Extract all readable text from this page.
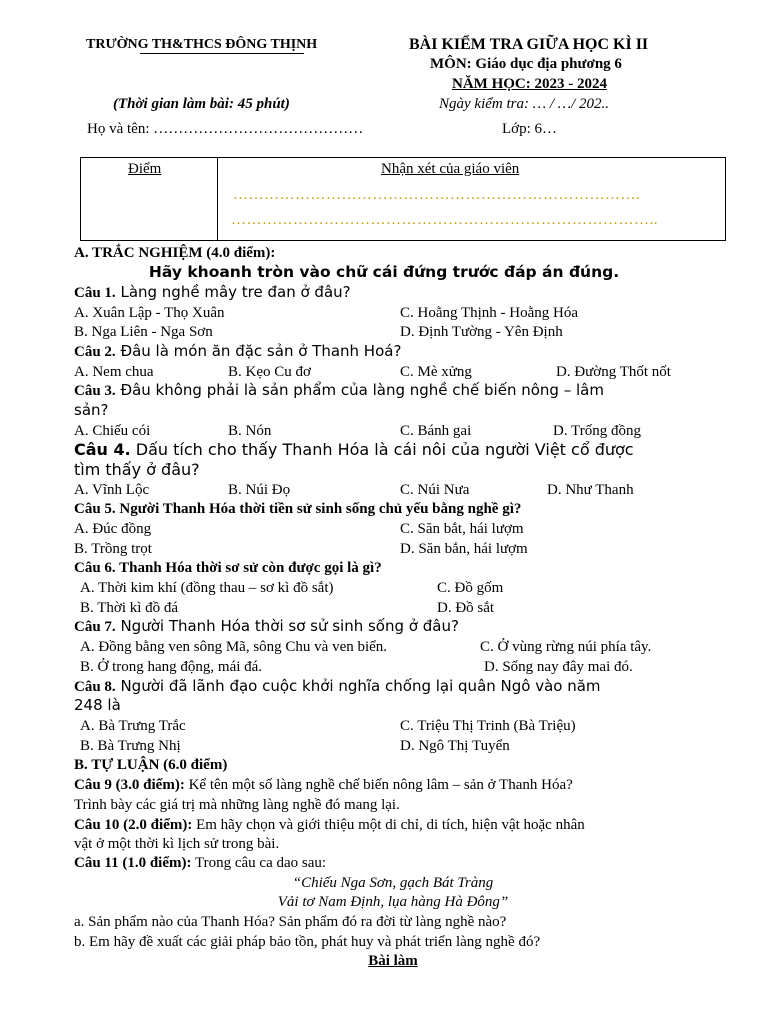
TRƯỜNG TH&THCS ĐÔNG THỊNH	BÀI KIỂM TRA GIỮA HỌC KÌ II
MÔN: Giáo dục địa phương 6
NĂM HỌC: 2023 - 2024
(Thời gian làm bài: 45 phút)	Ngày kiểm tra: … / …/ 202..
Họ và tên: ……………………………………	Lớp: 6…
Điểm	Nhận xét của giáo viên
…………………………………………………………………….
………………………………………………………………………..
A. TRẮC NGHIỆM (4.0 điểm):
Hãy khoanh tròn vào chữ cái đứng trước đáp án đúng.
Câu 1. Làng nghề mây tre đan ở đâu?
A. Xuân Lập - Thọ Xuân	C. Hoằng Thịnh - Hoằng Hóa
B. Nga Liên - Nga Sơn	D. Định Tường - Yên Định
Câu 2. Đâu là món ăn đặc sản ở Thanh Hoá?
A. Nem chua	B. Kẹo Cu đơ	C. Mè xửng	D. Đường Thốt nốt
Câu 3. Đâu không phải là sản phẩm của làng nghề chế biến nông – lâm
sản?
A. Chiếu cói	B. Nón	C. Bánh gai	D. Trống đồng
Câu 4. Dấu tích cho thấy Thanh Hóa là cái nôi của người Việt cổ được
tìm thấy ở đâu?
A. Vĩnh Lộc	B. Núi Đọ	C. Núi Nưa	D. Như Thanh
Câu 5. Người Thanh Hóa thời tiền sử sinh sống chủ yếu bằng nghề gì?
A. Đúc đồng	C. Săn bắt, hái lượm
B. Trồng trọt	D. Săn bắn, hái lượm
Câu 6. Thanh Hóa thời sơ sử còn được gọi là gì?
A. Thời kim khí (đồng thau – sơ kì đồ sắt)	C. Đồ gốm
B. Thời kì đồ đá	D. Đồ sắt
Câu 7. Người Thanh Hóa thời sơ sử sinh sống ở đâu?
A. Đồng bằng ven sông Mã, sông Chu và ven biển.	C. Ở vùng rừng núi phía tây.
B. Ở trong hang động, mái đá.	D. Sống nay đây mai đó.
Câu 8. Người đã lãnh đạo cuộc khởi nghĩa chống lại quân Ngô vào năm
248 là
A. Bà Trưng Trắc	C. Triệu Thị Trinh (Bà Triệu)
B. Bà Trưng Nhị	D. Ngô Thị Tuyển
B. TỰ LUẬN (6.0 điểm)
Câu 9 (3.0 điểm): Kể tên một số làng nghề chế biến nông lâm – sản ở Thanh Hóa?
Trình bày các giá trị mà những làng nghề đó mang lại.
Câu 10 (2.0 điểm): Em hãy chọn và giới thiệu một di chỉ, di tích, hiện vật hoặc nhân
vật ở một thời kì lịch sử trong bài.
Câu 11 (1.0 điểm): Trong câu ca dao sau:
“Chiếu Nga Sơn, gạch Bát Tràng
Vải tơ Nam Định, lụa hàng Hà Đông”
a. Sản phẩm nào của Thanh Hóa? Sản phẩm đó ra đời từ làng nghề nào?
b. Em hãy đề xuất các giải pháp bảo tồn, phát huy và phát triển làng nghề đó?
Bài làm
